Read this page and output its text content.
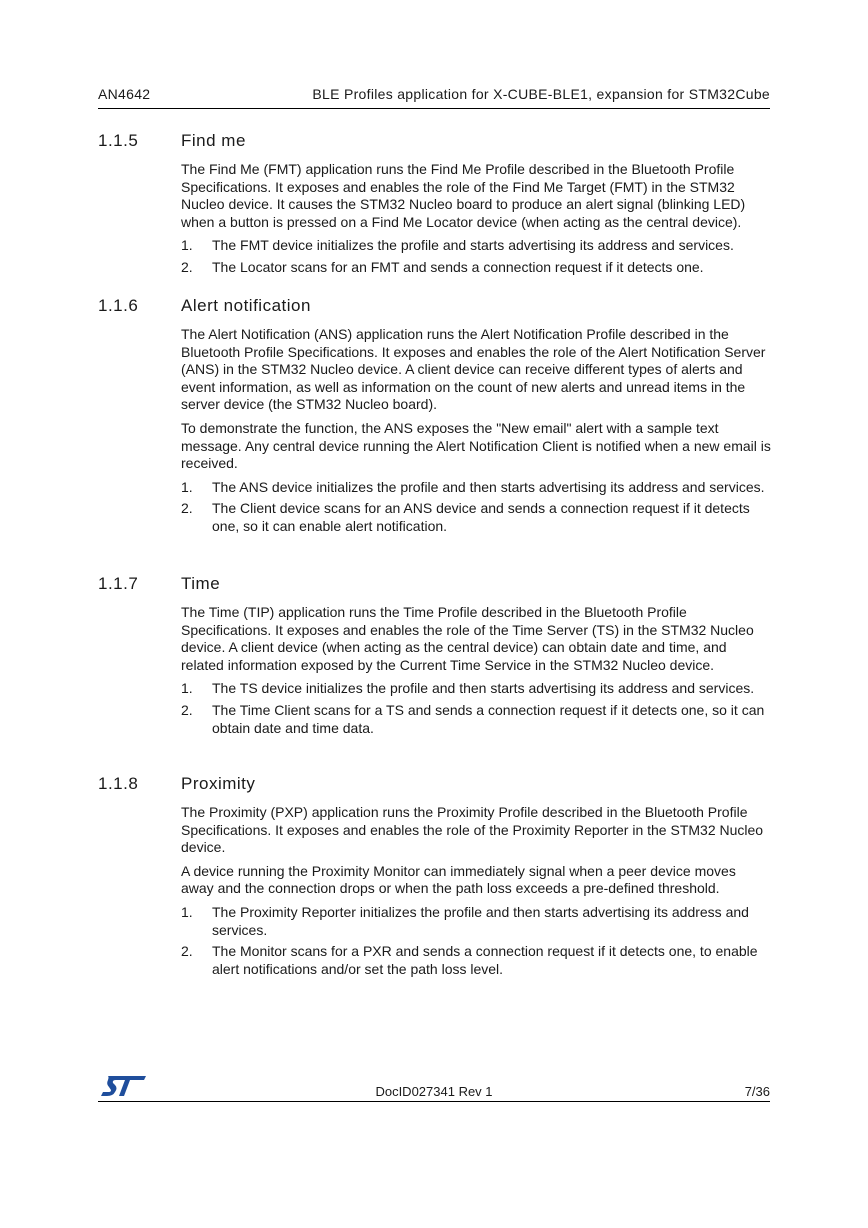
AN4642	BLE Profiles application for X-CUBE-BLE1, expansion for STM32Cube
1.1.5	Find me

The Find Me (FMT) application runs the Find Me Profile described in the Bluetooth Profile Specifications. It exposes and enables the role of the Find Me Target (FMT) in the STM32 Nucleo device. It causes the STM32 Nucleo board to produce an alert signal (blinking LED) when a button is pressed on a Find Me Locator device (when acting as the central device).

1. The FMT device initializes the profile and starts advertising its address and services.
2. The Locator scans for an FMT and sends a connection request if it detects one.
1.1.6	Alert notification

The Alert Notification (ANS) application runs the Alert Notification Profile described in the Bluetooth Profile Specifications. It exposes and enables the role of the Alert Notification Server (ANS) in the STM32 Nucleo device. A client device can receive different types of alerts and event information, as well as information on the count of new alerts and unread items in the server device (the STM32 Nucleo board).

To demonstrate the function, the ANS exposes the "New email" alert with a sample text message. Any central device running the Alert Notification Client is notified when a new email is received.

1. The ANS device initializes the profile and then starts advertising its address and services.
2. The Client device scans for an ANS device and sends a connection request if it detects one, so it can enable alert notification.
1.1.7	Time

The Time (TIP) application runs the Time Profile described in the Bluetooth Profile Specifications. It exposes and enables the role of the Time Server (TS) in the STM32 Nucleo device. A client device (when acting as the central device) can obtain date and time, and related information exposed by the Current Time Service in the STM32 Nucleo device.

1. The TS device initializes the profile and then starts advertising its address and services.
2. The Time Client scans for a TS and sends a connection request if it detects one, so it can obtain date and time data.
1.1.8	Proximity

The Proximity (PXP) application runs the Proximity Profile described in the Bluetooth Profile Specifications. It exposes and enables the role of the Proximity Reporter in the STM32 Nucleo device.

A device running the Proximity Monitor can immediately signal when a peer device moves away and the connection drops or when the path loss exceeds a pre-defined threshold.

1. The Proximity Reporter initializes the profile and then starts advertising its address and services.
2. The Monitor scans for a PXR and sends a connection request if it detects one, to enable alert notifications and/or set the path loss level.
DocID027341 Rev 1	7/36
